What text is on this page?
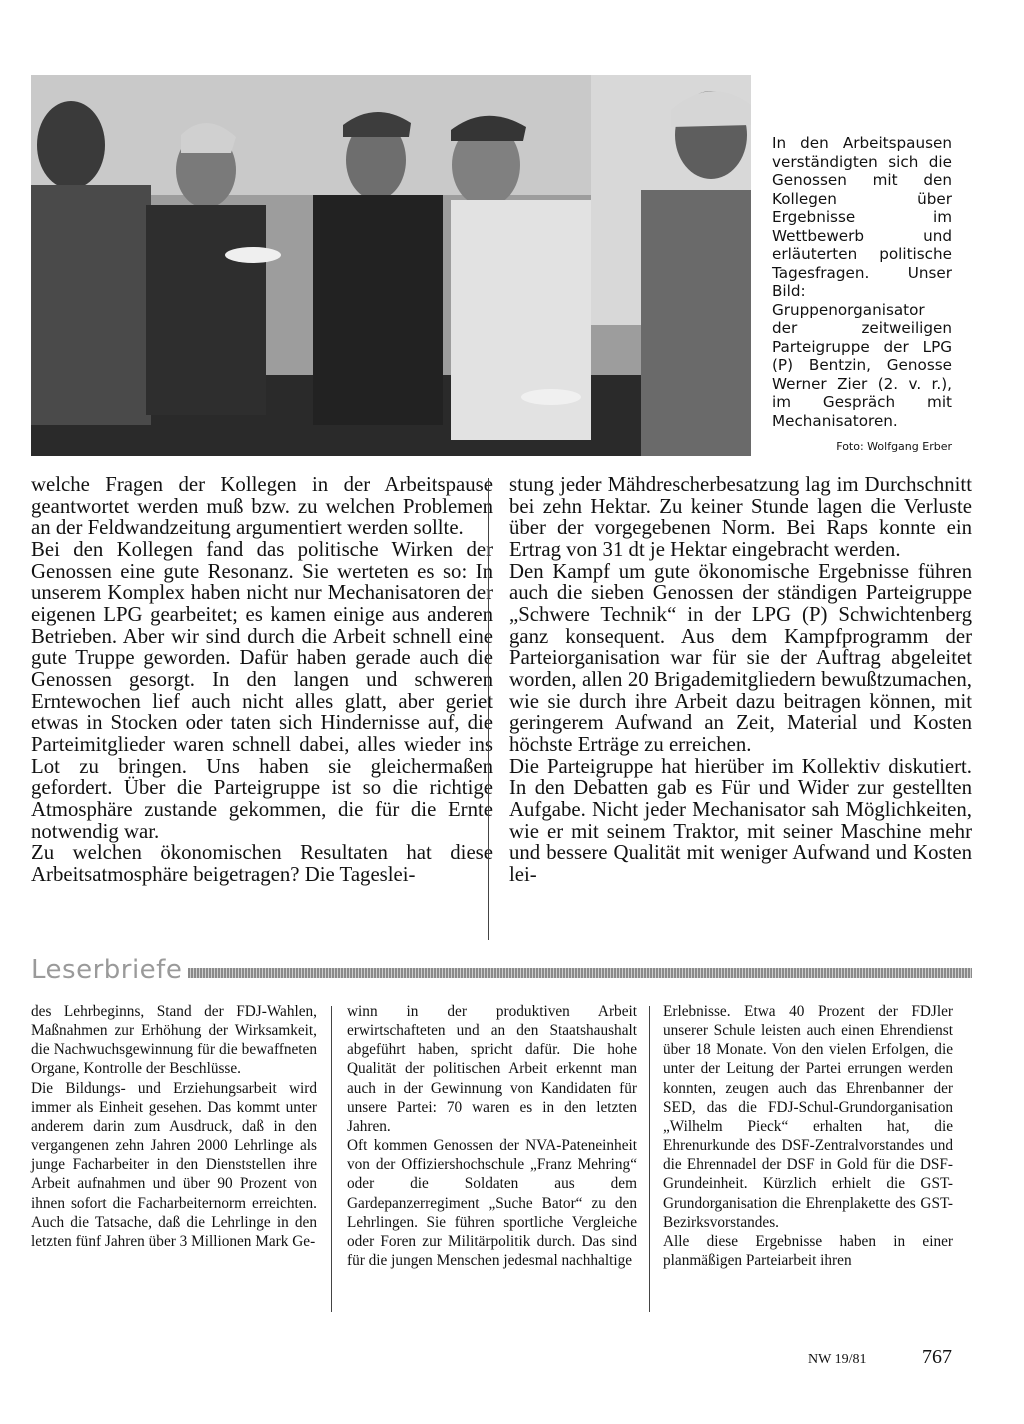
In den Arbeitspausen verständigten sich die Genossen mit den Kollegen über Ergebnisse im Wettbewerb und erläuterten politische Tagesfragen. Unser Bild: Gruppenorganisator der zeitweiligen Parteigruppe der LPG (P) Bentzin, Genosse Werner Zier (2. v. r.), im Gespräch mit Mechanisatoren.
Foto: Wolfgang Erber

welche Fragen der Kollegen in der Arbeitspause geantwortet werden muß bzw. zu welchen Problemen an der Feldwandzeitung argumentiert werden sollte.

Bei den Kollegen fand das politische Wirken der Genossen eine gute Resonanz. Sie werteten es so: In unserem Komplex haben nicht nur Mechanisatoren der eigenen LPG gearbeitet; es kamen einige aus anderen Betrieben. Aber wir sind durch die Arbeit schnell eine gute Truppe geworden. Dafür haben gerade auch die Genossen gesorgt. In den langen und schweren Erntewochen lief auch nicht alles glatt, aber geriet etwas in Stocken oder taten sich Hindernisse auf, die Parteimitglieder waren schnell dabei, alles wieder ins Lot zu bringen. Uns haben sie gleichermaßen gefordert. Über die Parteigruppe ist so die richtige Atmosphäre zustande gekommen, die für die Ernte notwendig war.

Zu welchen ökonomischen Resultaten hat diese Arbeitsatmosphäre beigetragen? Die Tageslei-

stung jeder Mähdrescherbesatzung lag im Durchschnitt bei zehn Hektar. Zu keiner Stunde lagen die Verluste über der vorgegebenen Norm. Bei Raps konnte ein Ertrag von 31 dt je Hektar eingebracht werden.

Den Kampf um gute ökonomische Ergebnisse führen auch die sieben Genossen der ständigen Parteigruppe „Schwere Technik“ in der LPG (P) Schwichtenberg ganz konsequent. Aus dem Kampfprogramm der Parteiorganisation war für sie der Auftrag abgeleitet worden, allen 20 Brigademitgliedern bewußtzumachen, wie sie durch ihre Arbeit dazu beitragen können, mit geringerem Aufwand an Zeit, Material und Kosten höchste Erträge zu erreichen.

Die Parteigruppe hat hierüber im Kollektiv diskutiert. In den Debatten gab es Für und Wider zur gestellten Aufgabe. Nicht jeder Mechanisator sah Möglichkeiten, wie er mit seinem Traktor, mit seiner Maschine mehr und bessere Qualität mit weniger Aufwand und Kosten lei-

Leserbriefe

des Lehrbeginns, Stand der FDJ-Wahlen, Maßnahmen zur Erhöhung der Wirksamkeit, die Nachwuchsgewinnung für die bewaffneten Organe, Kontrolle der Beschlüsse.

Die Bildungs- und Erziehungsarbeit wird immer als Einheit gesehen. Das kommt unter anderem darin zum Ausdruck, daß in den vergangenen zehn Jahren 2000 Lehrlinge als junge Facharbeiter in den Dienststellen ihre Arbeit aufnahmen und über 90 Prozent von ihnen sofort die Facharbeiternorm erreichten. Auch die Tatsache, daß die Lehrlinge in den letzten fünf Jahren über 3 Millionen Mark Ge-

winn in der produktiven Arbeit erwirtschafteten und an den Staatshaushalt abgeführt haben, spricht dafür. Die hohe Qualität der politischen Arbeit erkennt man auch in der Gewinnung von Kandidaten für unsere Partei: 70 waren es in den letzten Jahren.

Oft kommen Genossen der NVA-Pateneinheit von der Offiziershochschule „Franz Mehring“ oder die Soldaten aus dem Gardepanzerregiment „Suche Bator“ zu den Lehrlingen. Sie führen sportliche Vergleiche oder Foren zur Militärpolitik durch. Das sind für die jungen Menschen jedesmal nachhaltige

Erlebnisse. Etwa 40 Prozent der FDJler unserer Schule leisten auch einen Ehrendienst über 18 Monate. Von den vielen Erfolgen, die unter der Leitung der Partei errungen werden konnten, zeugen auch das Ehrenbanner der SED, das die FDJ-Schul-Grundorganisation „Wilhelm Pieck“ erhalten hat, die Ehrenurkunde des DSF-Zentralvorstandes und die Ehrennadel der DSF in Gold für die DSF-Grundeinheit. Kürzlich erhielt die GST-Grundorganisation die Ehrenplakette des GST-Bezirksvorstandes.

Alle diese Ergebnisse haben in einer planmäßigen Parteiarbeit ihren

NW 19/81	767
